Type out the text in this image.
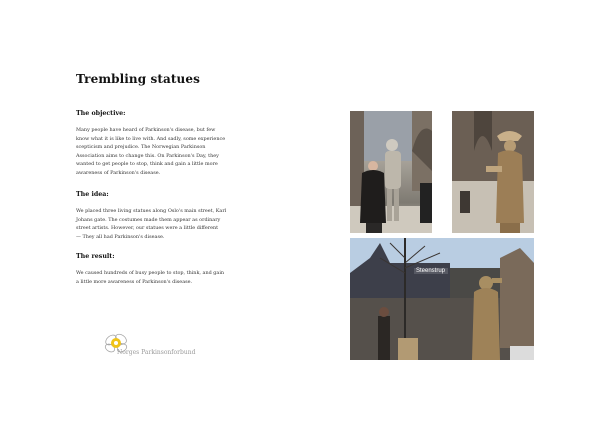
Trembling statues
The objective:

Many people have heard of Parkinson's disease, but few
know what it is like to live with. And sadly, some experience
scepticism and prejudice. The Norwegian Parkinson
Association aims to change this. On Parkinson's Day, they
wanted to get people to stop, think and gain a little more
awareness of Parkinson's disease.

The idea:

We placed three living statues along Oslo's main street, Karl
Johans gate. The costumes made them appear as ordinary
street artists. However, our statues were a little different
— They all had Parkinson's disease.

The result:

We caused hundreds of busy people to stop, think, and gain
a little more awareness of Parkinson's disease.

Norges Parkinsonforbund
Steenstrup
